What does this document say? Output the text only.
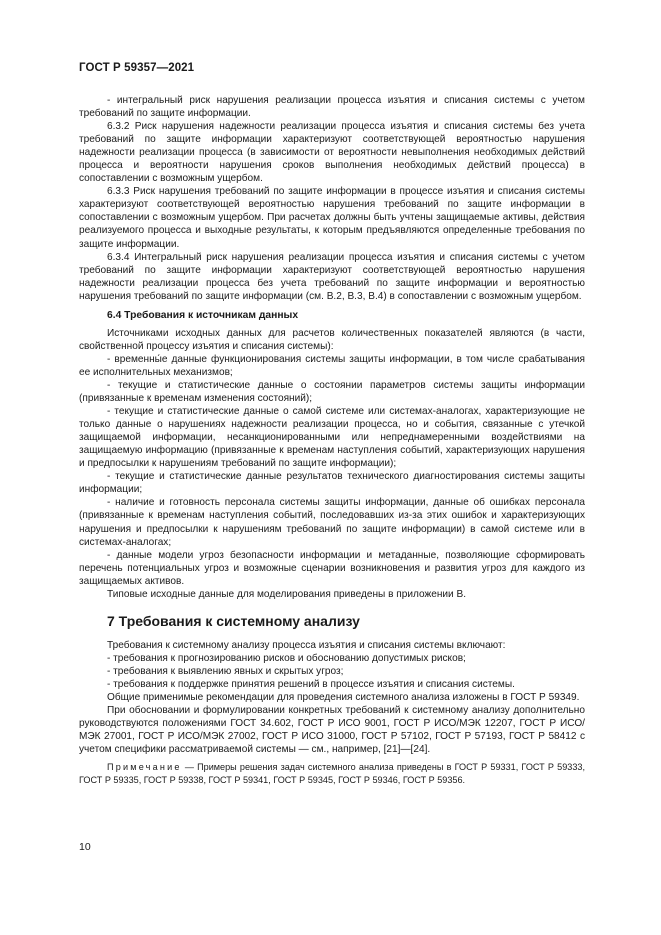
ГОСТ Р 59357—2021

- интегральный риск нарушения реализации процесса изъятия и списания системы с учетом требований по защите информации.

6.3.2 Риск нарушения надежности реализации процесса изъятия и списания системы без учета требований по защите информации характеризуют соответствующей вероятностью нарушения надежности реализации процесса (в зависимости от вероятности невыполнения необходимых действий процесса и вероятности нарушения сроков выполнения необходимых действий процесса) в сопоставлении с возможным ущербом.

6.3.3 Риск нарушения требований по защите информации в процессе изъятия и списания системы характеризуют соответствующей вероятностью нарушения требований по защите информации в сопоставлении с возможным ущербом. При расчетах должны быть учтены защищаемые активы, действия реализуемого процесса и выходные результаты, к которым предъявляются определенные требования по защите информации.

6.3.4 Интегральный риск нарушения реализации процесса изъятия и списания системы с учетом требований по защите информации характеризуют соответствующей вероятностью нарушения надежности реализации процесса без учета требований по защите информации и вероятностью нарушения требований по защите информации (см. В.2, В.3, В.4) в сопоставлении с возможным ущербом.

6.4 Требования к источникам данных

Источниками исходных данных для расчетов количественных показателей являются (в части, свойственной процессу изъятия и списания системы):

- временны́е данные функционирования системы защиты информации, в том числе срабатывания ее исполнительных механизмов;

- текущие и статистические данные о состоянии параметров системы защиты информации (привязанные к временам изменения состояний);

- текущие и статистические данные о самой системе или системах-аналогах, характеризующие не только данные о нарушениях надежности реализации процесса, но и события, связанные с утечкой защищаемой информации, несанкционированными или непреднамеренными воздействиями на защищаемую информацию (привязанные к временам наступления событий, характеризующих нарушения и предпосылки к нарушениям требований по защите информации);

- текущие и статистические данные результатов технического диагностирования системы защиты информации;

- наличие и готовность персонала системы защиты информации, данные об ошибках персонала (привязанные к временам наступления событий, последовавших из-за этих ошибок и характеризующих нарушения и предпосылки к нарушениям требований по защите информации) в самой системе или в системах-аналогах;

- данные модели угроз безопасности информации и метаданные, позволяющие сформировать перечень потенциальных угроз и возможные сценарии возникновения и развития угроз для каждого из защищаемых активов.

Типовые исходные данные для моделирования приведены в приложении В.

7 Требования к системному анализу

Требования к системному анализу процесса изъятия и списания системы включают:

- требования к прогнозированию рисков и обоснованию допустимых рисков;

- требования к выявлению явных и скрытых угроз;

- требования к поддержке принятия решений в процессе изъятия и списания системы.

Общие применимые рекомендации для проведения системного анализа изложены в ГОСТ Р 59349.

При обосновании и формулировании конкретных требований к системному анализу дополнительно руководствуются положениями ГОСТ 34.602, ГОСТ Р ИСО 9001, ГОСТ Р ИСО/МЭК 12207, ГОСТ Р ИСО/МЭК 27001, ГОСТ Р ИСО/МЭК 27002, ГОСТ Р ИСО 31000, ГОСТ Р 57102, ГОСТ Р 57193, ГОСТ Р 58412 с учетом специфики рассматриваемой системы — см., например, [21]—[24].

Примечание — Примеры решения задач системного анализа приведены в ГОСТ Р 59331, ГОСТ Р 59333, ГОСТ Р 59335, ГОСТ Р 59338, ГОСТ Р 59341, ГОСТ Р 59345, ГОСТ Р 59346, ГОСТ Р 59356.

10
